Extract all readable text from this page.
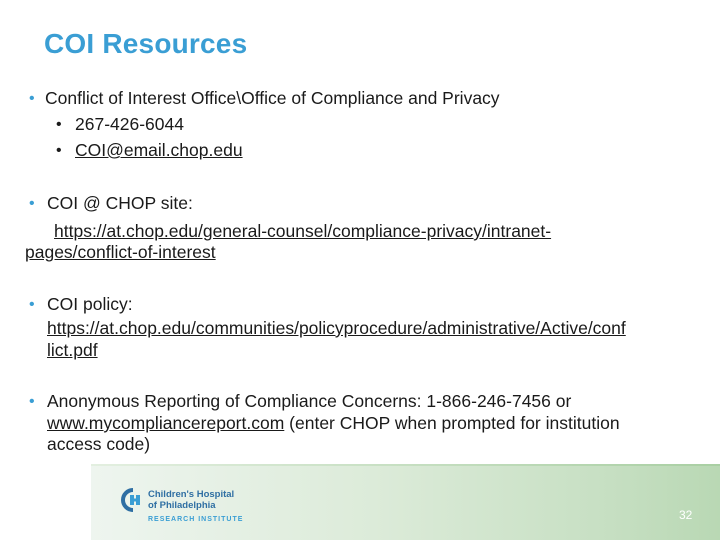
COI Resources
• Conflict of Interest Office\Office of Compliance and Privacy
• 267-426-6044
• COI@email.chop.edu
• COI @ CHOP site:
https://at.chop.edu/general-counsel/compliance-privacy/intranet-
pages/conflict-of-interest
• COI policy:
https://at.chop.edu/communities/policyprocedure/administrative/Active/conf
lict.pdf
• Anonymous Reporting of Compliance Concerns: 1-866-246-7456 or
www.mycompliancereport.com (enter CHOP when prompted for institution
access code)
Children's Hospital
of Philadelphia
RESEARCH INSTITUTE	32
